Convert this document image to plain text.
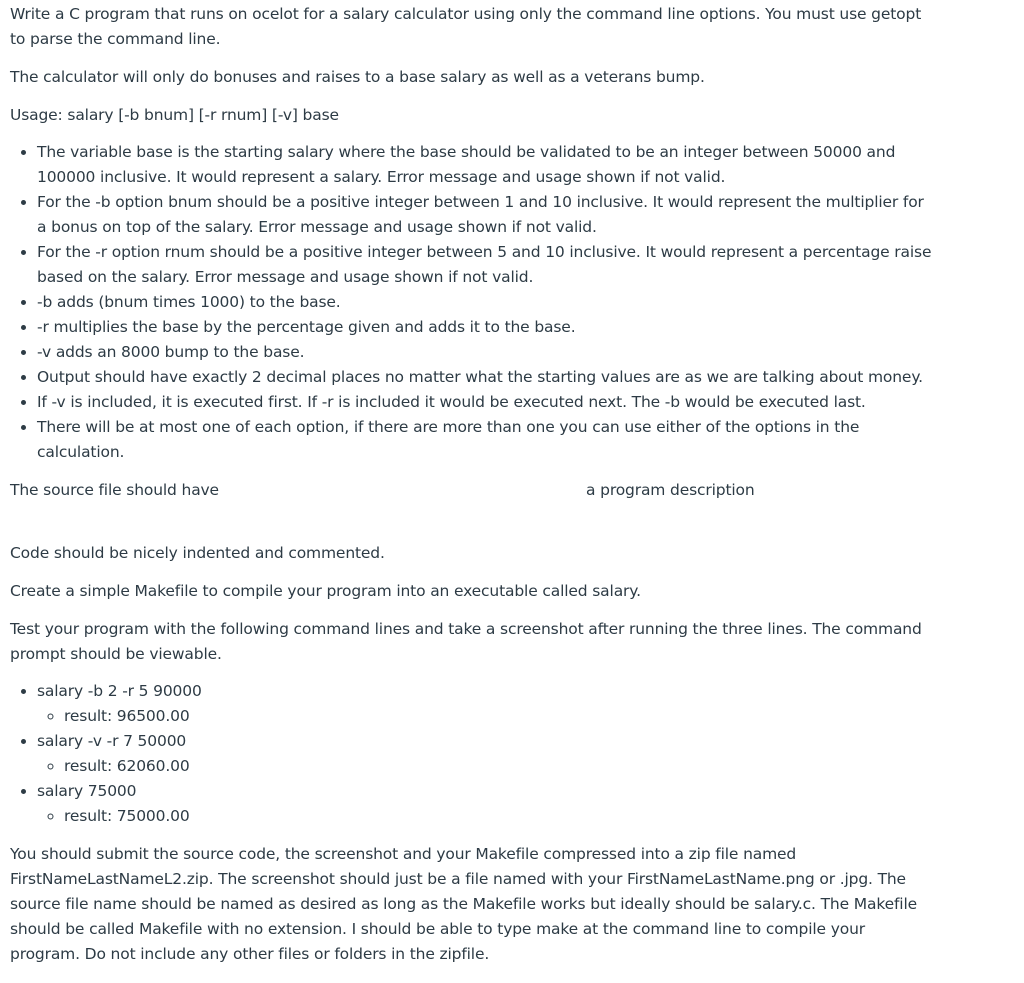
Write a C program that runs on ocelot for a salary calculator using only the command line options. You must use getopt to parse the command line.

The calculator will only do bonuses and raises to a base salary as well as a veterans bump.

Usage: salary [-b bnum] [-r rnum] [-v] base

• The variable base is the starting salary where the base should be validated to be an integer between 50000 and 100000 inclusive. It would represent a salary. Error message and usage shown if not valid.
• For the -b option bnum should be a positive integer between 1 and 10 inclusive. It would represent the multiplier for a bonus on top of the salary. Error message and usage shown if not valid.
• For the -r option rnum should be a positive integer between 5 and 10 inclusive. It would represent a percentage raise based on the salary. Error message and usage shown if not valid.
• -b adds (bnum times 1000) to the base.
• -r multiplies the base by the percentage given and adds it to the base.
• -v adds an 8000 bump to the base.
• Output should have exactly 2 decimal places no matter what the starting values are as we are talking about money.
• If -v is included, it is executed first. If -r is included it would be executed next. The -b would be executed last.
• There will be at most one of each option, if there are more than one you can use either of the options in the calculation.
The source file should have	a program description

Code should be nicely indented and commented.

Create a simple Makefile to compile your program into an executable called salary.

Test your program with the following command lines and take a screenshot after running the three lines. The command prompt should be viewable.

• salary -b 2 -r 5 90000
◦ result: 96500.00
• salary -v -r 7 50000
◦ result: 62060.00
• salary 75000
◦ result: 75000.00

You should submit the source code, the screenshot and your Makefile compressed into a zip file named FirstNameLastNameL2.zip. The screenshot should just be a file named with your FirstNameLastName.png or .jpg. The source file name should be named as desired as long as the Makefile works but ideally should be salary.c. The Makefile should be called Makefile with no extension. I should be able to type make at the command line to compile your program. Do not include any other files or folders in the zipfile.
